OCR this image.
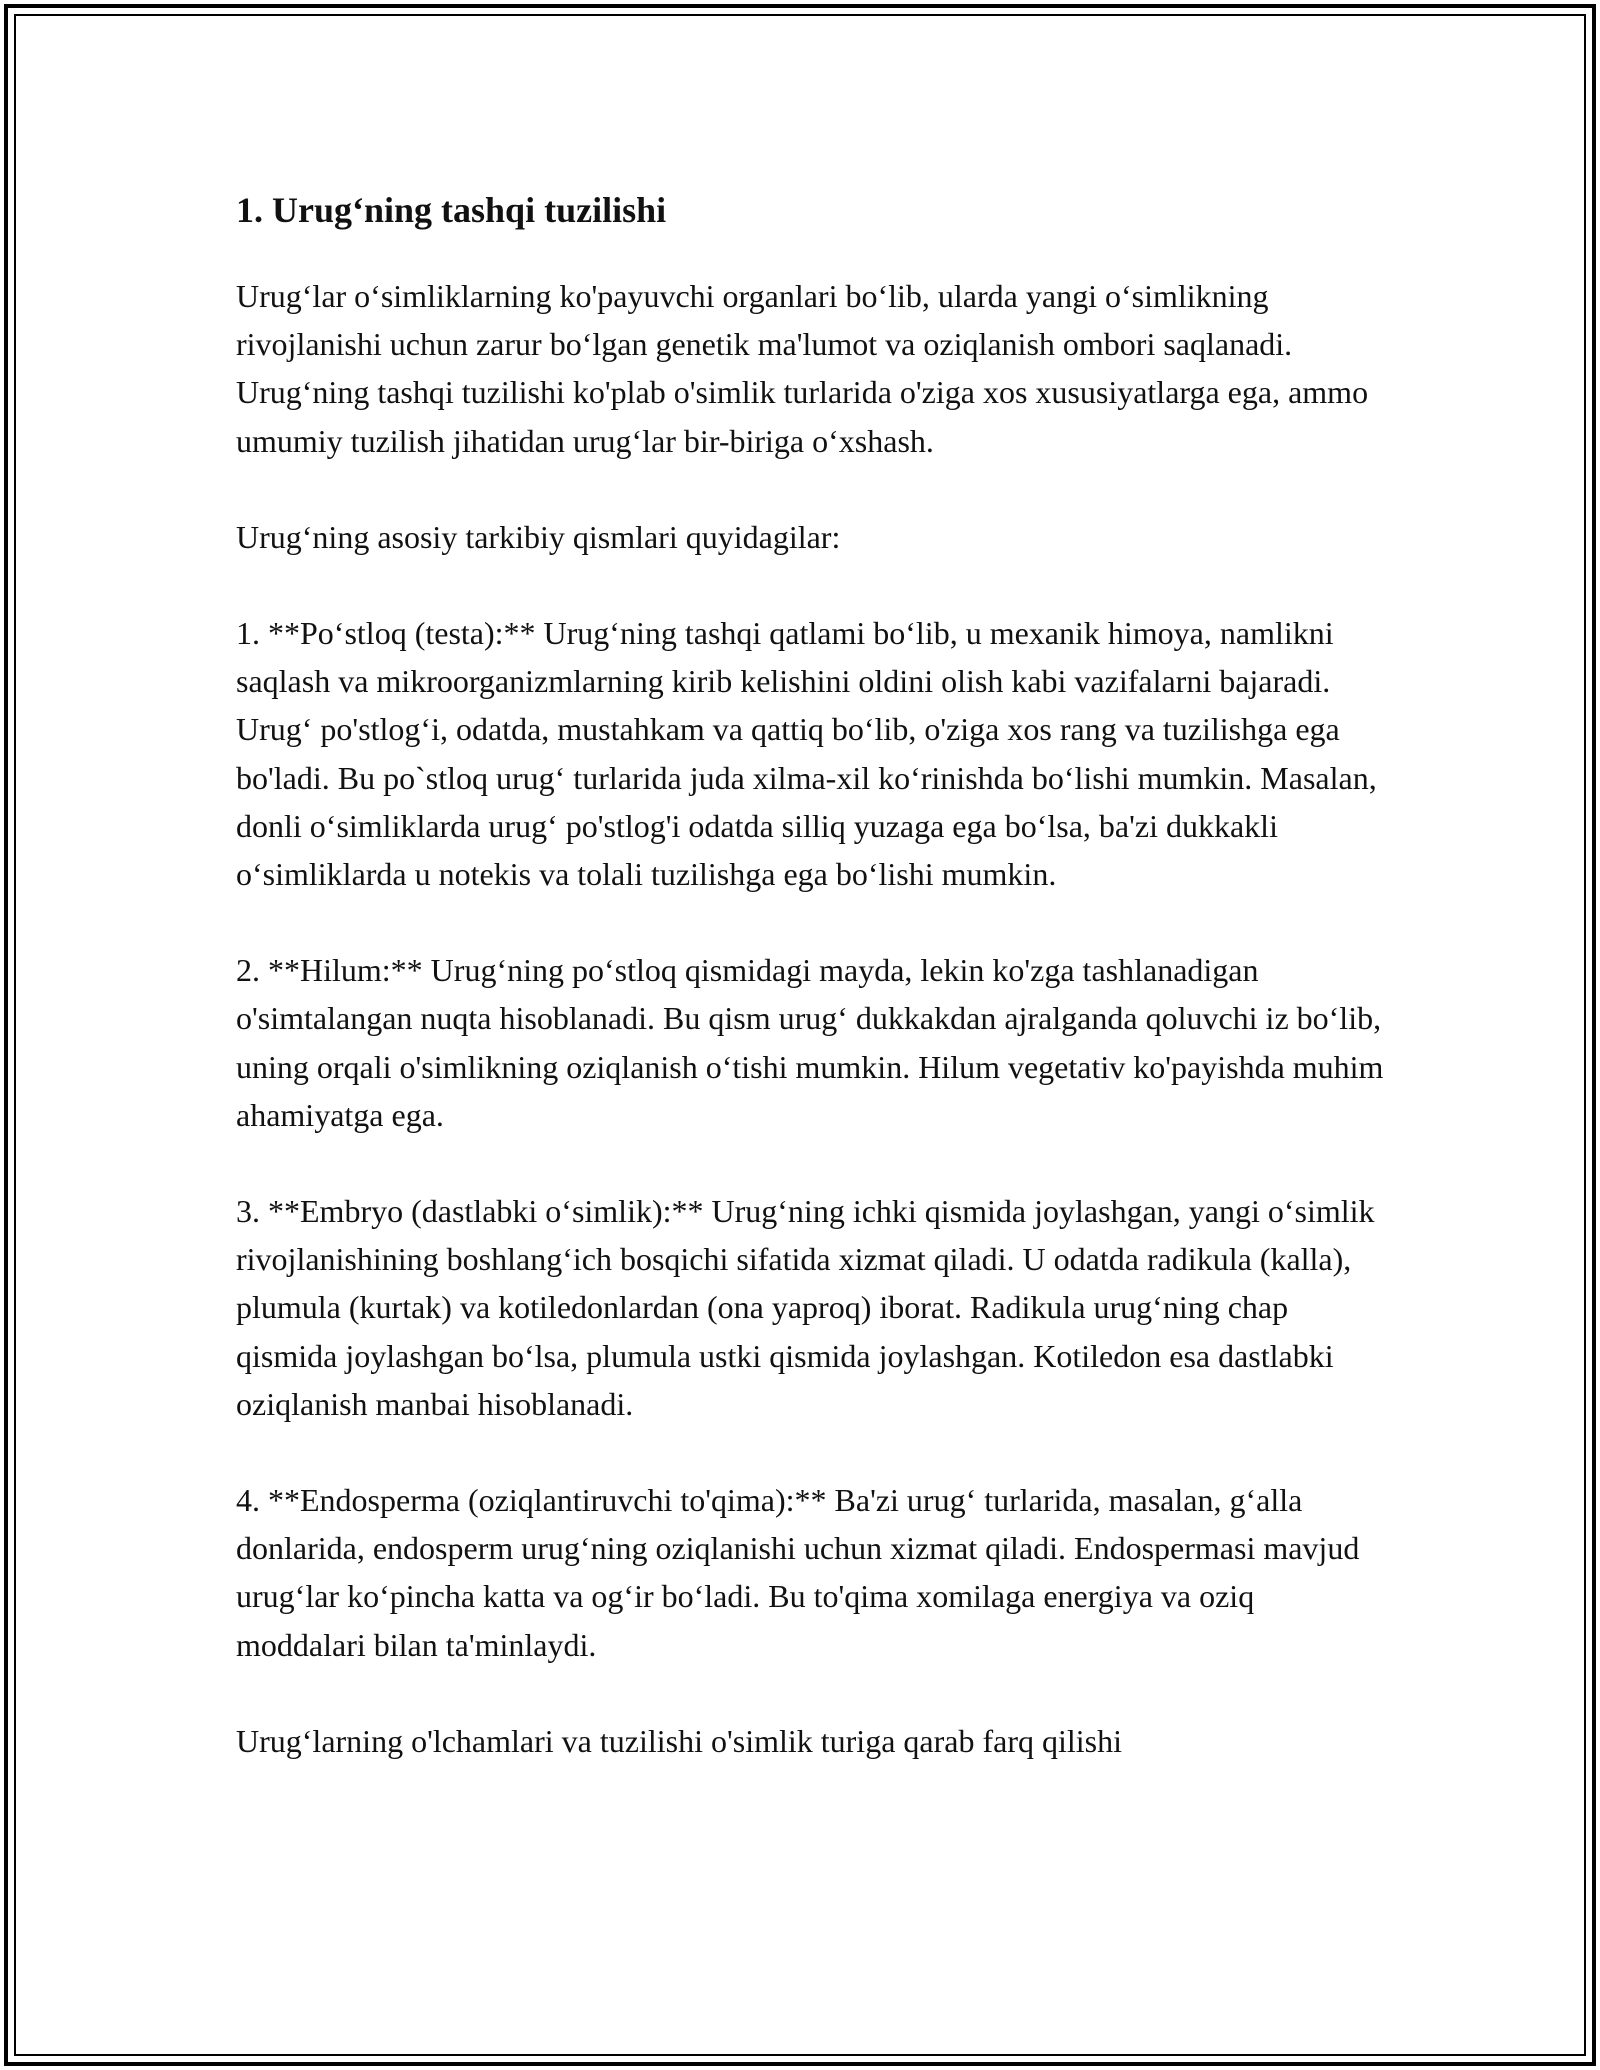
1. Urug‘ning tashqi tuzilishi

Urug‘lar o‘simliklarning ko'payuvchi organlari bo‘lib, ularda yangi o‘simlikning rivojlanishi uchun zarur bo‘lgan genetik ma'lumot va oziqlanish ombori saqlanadi. Urug‘ning tashqi tuzilishi ko'plab o'simlik turlarida o'ziga xos xususiyatlarga ega, ammo umumiy tuzilish jihatidan urug‘lar bir-biriga o‘xshash.

Urug‘ning asosiy tarkibiy qismlari quyidagilar:

1. **Po‘stloq (testa):** Urug‘ning tashqi qatlami bo‘lib, u mexanik himoya, namlikni saqlash va mikroorganizmlarning kirib kelishini oldini olish kabi vazifalarni bajaradi. Urug‘ po'stlog‘i, odatda, mustahkam va qattiq bo‘lib, o'ziga xos rang va tuzilishga ega bo'ladi. Bu po`stloq urug‘ turlarida juda xilma-xil ko‘rinishda bo‘lishi mumkin. Masalan, donli o‘simliklarda urug‘ po'stlog'i odatda silliq yuzaga ega bo‘lsa, ba'zi dukkakli o‘simliklarda u notekis va tolali tuzilishga ega bo‘lishi mumkin.

2. **Hilum:** Urug‘ning po‘stloq qismidagi mayda, lekin ko'zga tashlanadigan o'simtalangan nuqta hisoblanadi. Bu qism urug‘ dukkakdan ajralganda qoluvchi iz bo‘lib, uning orqali o'simlikning oziqlanish o‘tishi mumkin. Hilum vegetativ ko'payishda muhim ahamiyatga ega.

3. **Embryo (dastlabki o‘simlik):** Urug‘ning ichki qismida joylashgan, yangi o‘simlik rivojlanishining boshlang‘ich bosqichi sifatida xizmat qiladi. U odatda radikula (kalla), plumula (kurtak) va kotiledonlardan (ona yaproq) iborat. Radikula urug‘ning chap qismida joylashgan bo‘lsa, plumula ustki qismida joylashgan. Kotiledon esa dastlabki oziqlanish manbai hisoblanadi.

4. **Endosperma (oziqlantiruvchi to'qima):** Ba'zi urug‘ turlarida, masalan, g‘alla donlarida, endosperm urug‘ning oziqlanishi uchun xizmat qiladi. Endospermasi mavjud urug‘lar ko‘pincha katta va og‘ir bo‘ladi. Bu to'qima xomilaga energiya va oziq moddalari bilan ta'minlaydi.

Urug‘larning o'lchamlari va tuzilishi o'simlik turiga qarab farq qilishi
